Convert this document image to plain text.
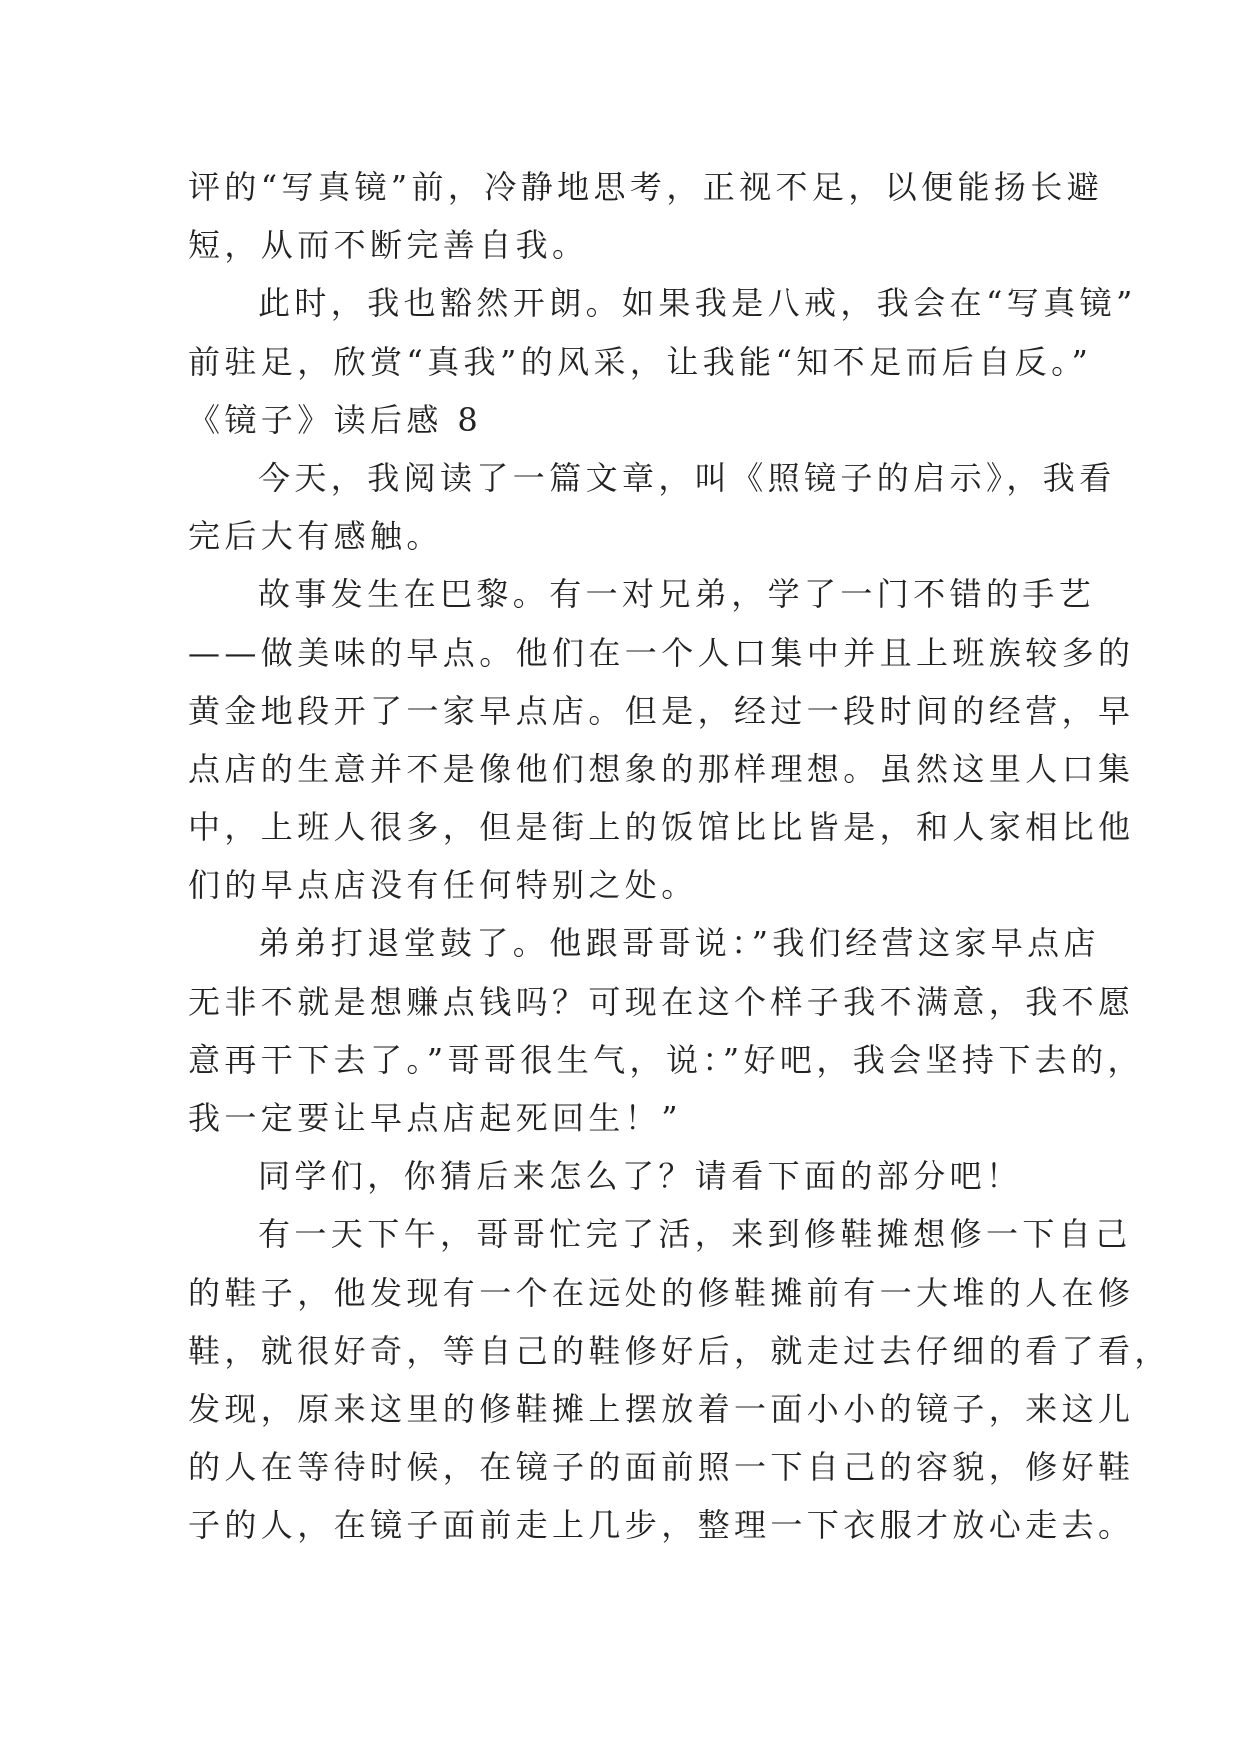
评的“写真镜”前，冷静地思考，正视不足，以便能扬长避
短，从而不断完善自我。
此时，我也豁然开朗。如果我是八戒，我会在“写真镜”
前驻足，欣赏“真我”的风采，让我能“知不足而后自反。”
《镜子》读后感 8
今天，我阅读了一篇文章，叫《照镜子的启示》，我看
完后大有感触。
故事发生在巴黎。有一对兄弟，学了一门不错的手艺
——做美味的早点。他们在一个人口集中并且上班族较多的
黄金地段开了一家早点店。但是，经过一段时间的经营，早
点店的生意并不是像他们想象的那样理想。虽然这里人口集
中，上班人很多，但是街上的饭馆比比皆是，和人家相比他
们的早点店没有任何特别之处。
弟弟打退堂鼓了。他跟哥哥说：”我们经营这家早点店
无非不就是想赚点钱吗？可现在这个样子我不满意，我不愿
意再干下去了。”哥哥很生气，说：”好吧，我会坚持下去的，
我一定要让早点店起死回生！”
同学们，你猜后来怎么了？请看下面的部分吧！
有一天下午，哥哥忙完了活，来到修鞋摊想修一下自己
的鞋子，他发现有一个在远处的修鞋摊前有一大堆的人在修
鞋，就很好奇，等自己的鞋修好后，就走过去仔细的看了看，
发现，原来这里的修鞋摊上摆放着一面小小的镜子，来这儿
的人在等待时候，在镜子的面前照一下自己的容貌，修好鞋
子的人，在镜子面前走上几步，整理一下衣服才放心走去。
